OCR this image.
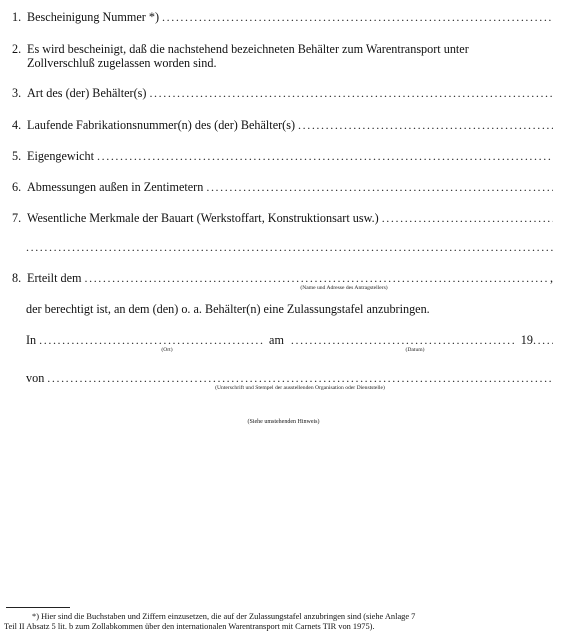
1. Bescheinigung Nummer *)
.....
2. Es wird bescheinigt, daß die nachstehend bezeichneten Behälter zum Warentransport unter
Zollverschluß zugelassen worden sind.
3. Art des (der) Behälter(s)
.....
4. Laufende Fabrikationsnummer(n) des (der) Behälter(s)
.....
5. Eigengewicht
.....
6. Abmessungen außen in Zentimetern
.....
7. Wesentliche Merkmale der Bauart (Werkstoffart, Konstruktionsart usw.)
.....
.....
8. Erteilt dem .....	,
(Name und Adresse des Antragstellers)
der berechtigt ist, an dem (den) o. a. Behälter(n) eine Zulassungstafel anzubringen.
In .....	am .....	19
.....
(Ort)	(Datum)
von
.....
(Unterschrift und Stempel der ausstellenden Organisation oder Dienststelle)
(Siehe umstehenden Hinweis)
*) Hier sind die Buchstaben und Ziffern einzusetzen, die auf der Zulassungstafel anzubringen sind (siehe Anlage 7
Teil II Absatz 5 lit. b zum Zollabkommen über den internationalen Warentransport mit Carnets TIR von 1975).
